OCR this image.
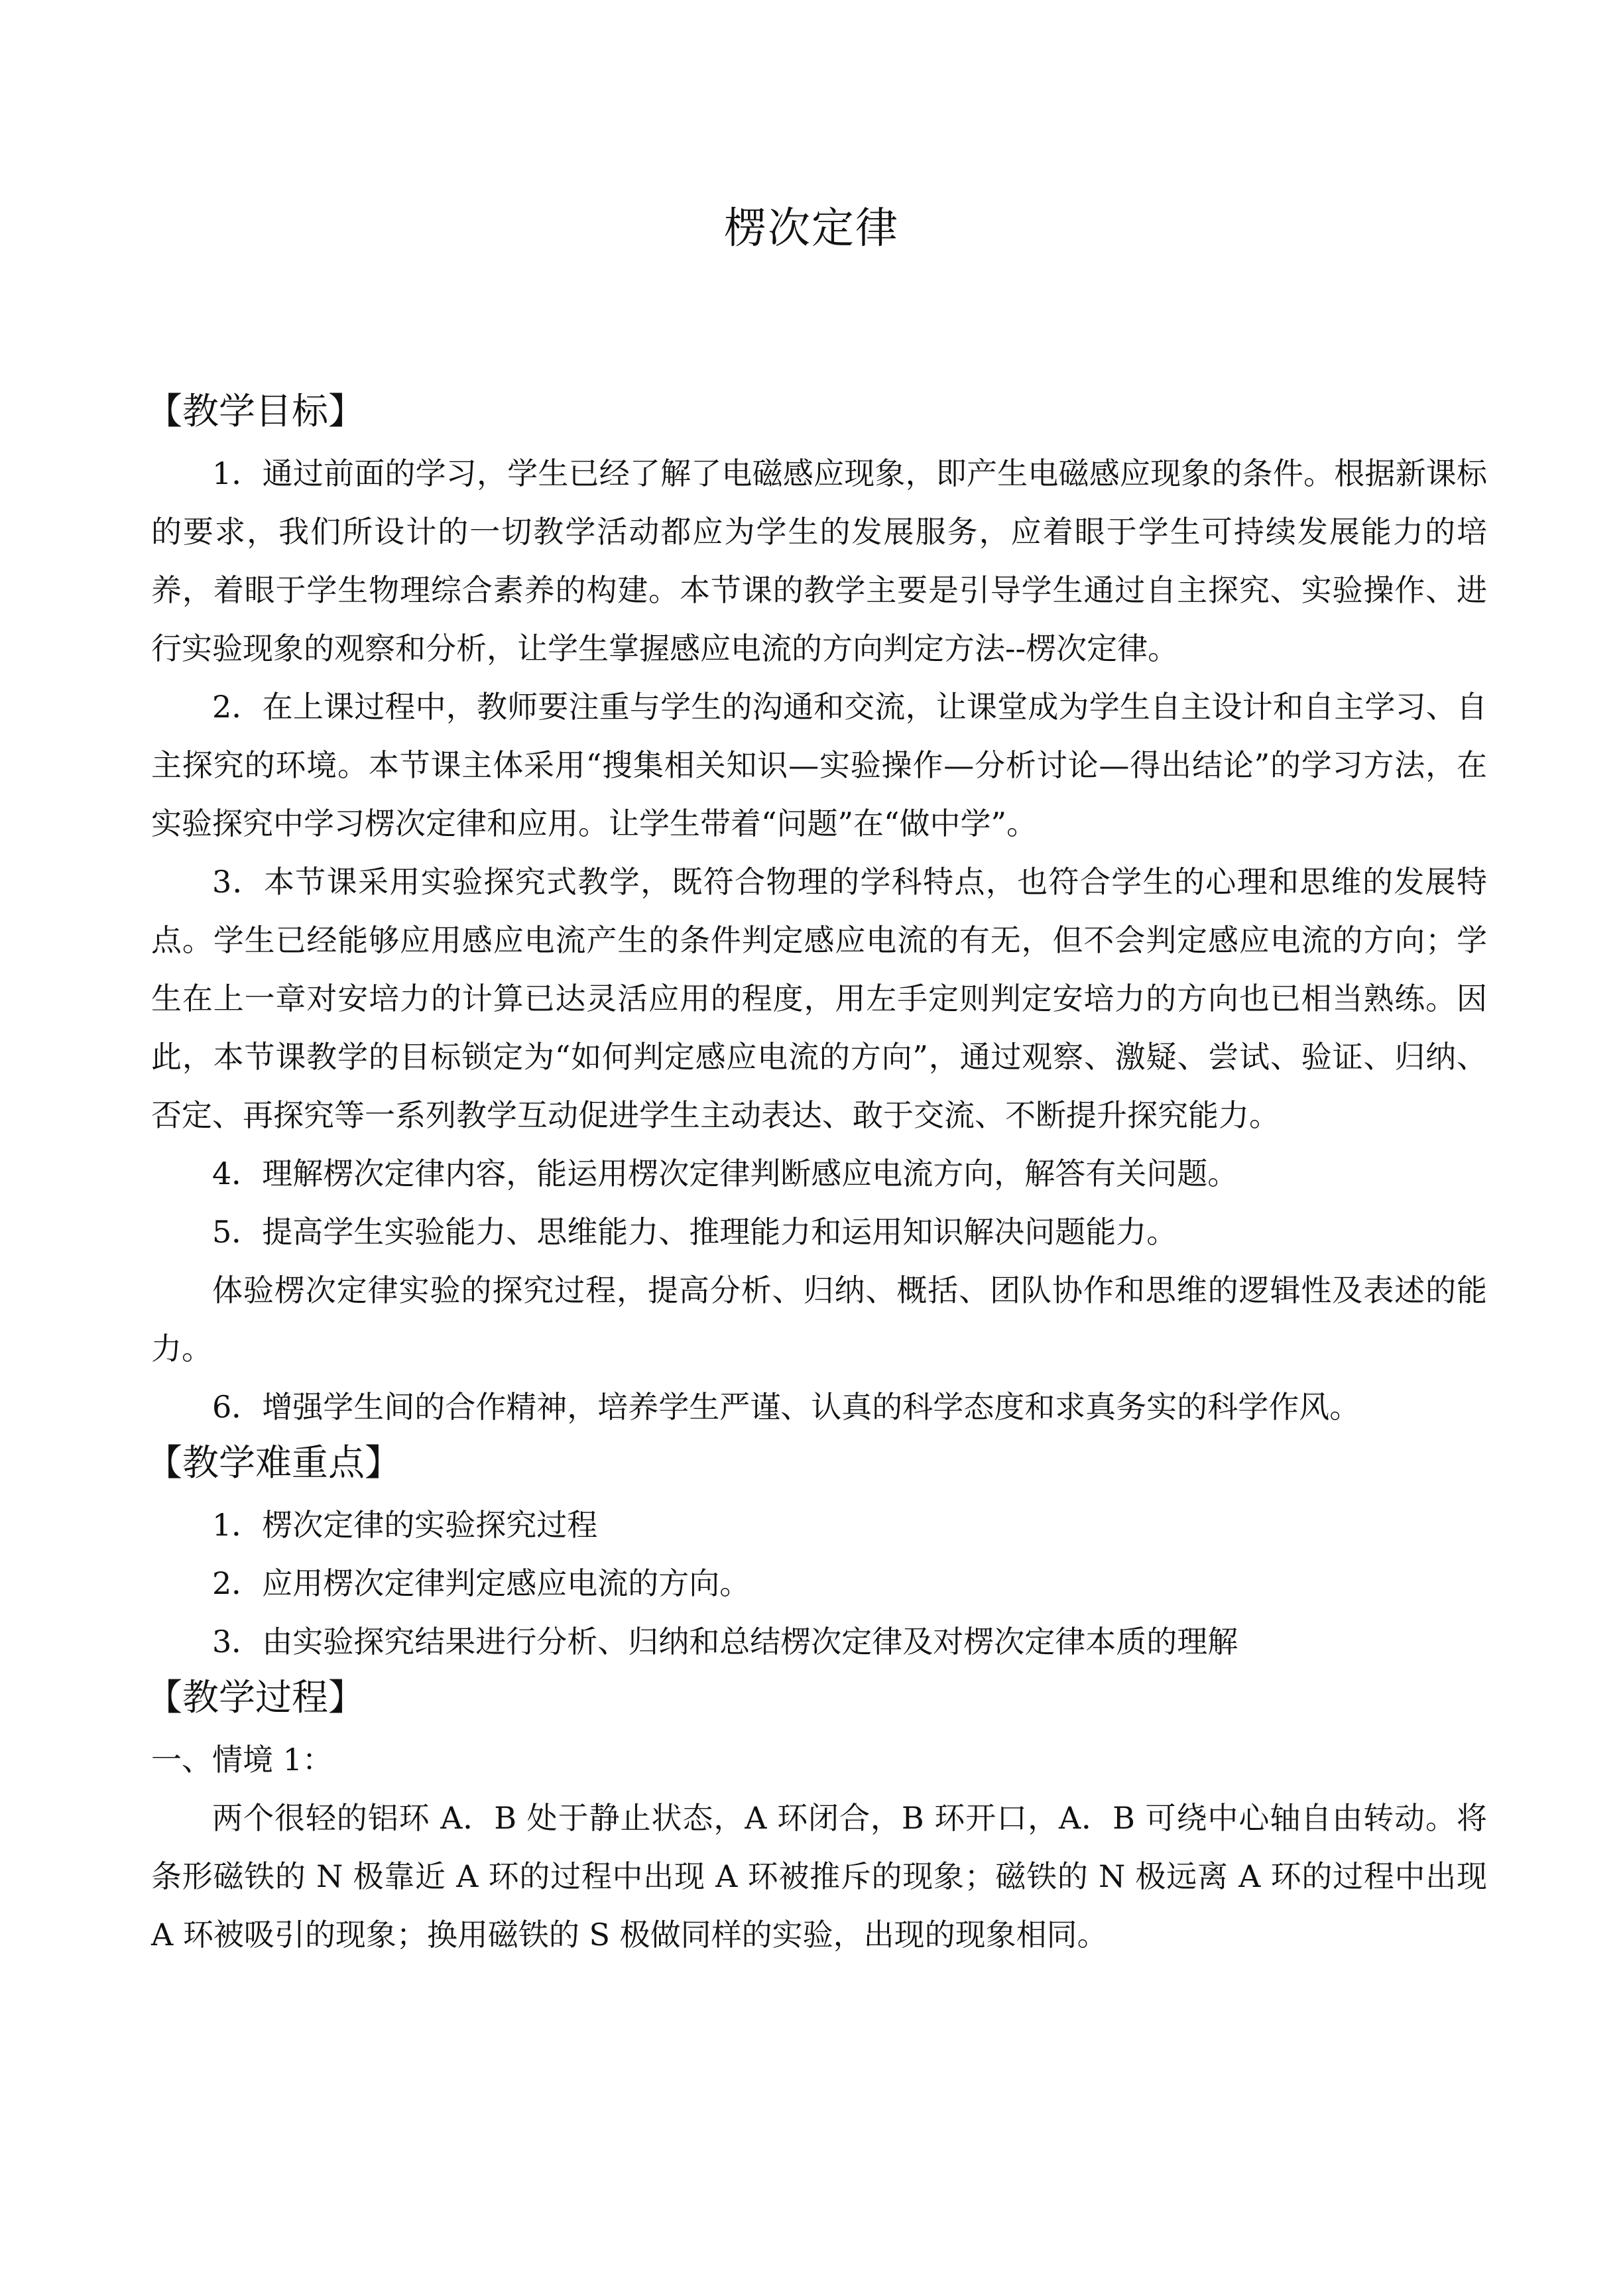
楞次定律
【教学目标】

1．通过前面的学习，学生已经了解了电磁感应现象，即产生电磁感应现象的条件。根据新课标的要求，我们所设计的一切教学活动都应为学生的发展服务，应着眼于学生可持续发展能力的培养，着眼于学生物理综合素养的构建。本节课的教学主要是引导学生通过自主探究、实验操作、进行实验现象的观察和分析，让学生掌握感应电流的方向判定方法--楞次定律。

2．在上课过程中，教师要注重与学生的沟通和交流，让课堂成为学生自主设计和自主学习、自主探究的环境。本节课主体采用“搜集相关知识—实验操作—分析讨论—得出结论”的学习方法，在实验探究中学习楞次定律和应用。让学生带着“问题”在“做中学”。

3．本节课采用实验探究式教学，既符合物理的学科特点，也符合学生的心理和思维的发展特点。学生已经能够应用感应电流产生的条件判定感应电流的有无，但不会判定感应电流的方向；学生在上一章对安培力的计算已达灵活应用的程度，用左手定则判定安培力的方向也已相当熟练。因此，本节课教学的目标锁定为“如何判定感应电流的方向”，通过观察、激疑、尝试、验证、归纳、否定、再探究等一系列教学互动促进学生主动表达、敢于交流、不断提升探究能力。

4．理解楞次定律内容，能运用楞次定律判断感应电流方向，解答有关问题。

5．提高学生实验能力、思维能力、推理能力和运用知识解决问题能力。

体验楞次定律实验的探究过程，提高分析、归纳、概括、团队协作和思维的逻辑性及表述的能力。

6．增强学生间的合作精神，培养学生严谨、认真的科学态度和求真务实的科学作风。

【教学难重点】

1．楞次定律的实验探究过程

2．应用楞次定律判定感应电流的方向。

3．由实验探究结果进行分析、归纳和总结楞次定律及对楞次定律本质的理解

【教学过程】

一、情境 1：

两个很轻的铝环 A．B 处于静止状态，A 环闭合，B 环开口，A．B 可绕中心轴自由转动。将条形磁铁的 N 极靠近 A 环的过程中出现 A 环被推斥的现象；磁铁的 N 极远离 A 环的过程中出现 A 环被吸引的现象；换用磁铁的 S 极做同样的实验，出现的现象相同。
